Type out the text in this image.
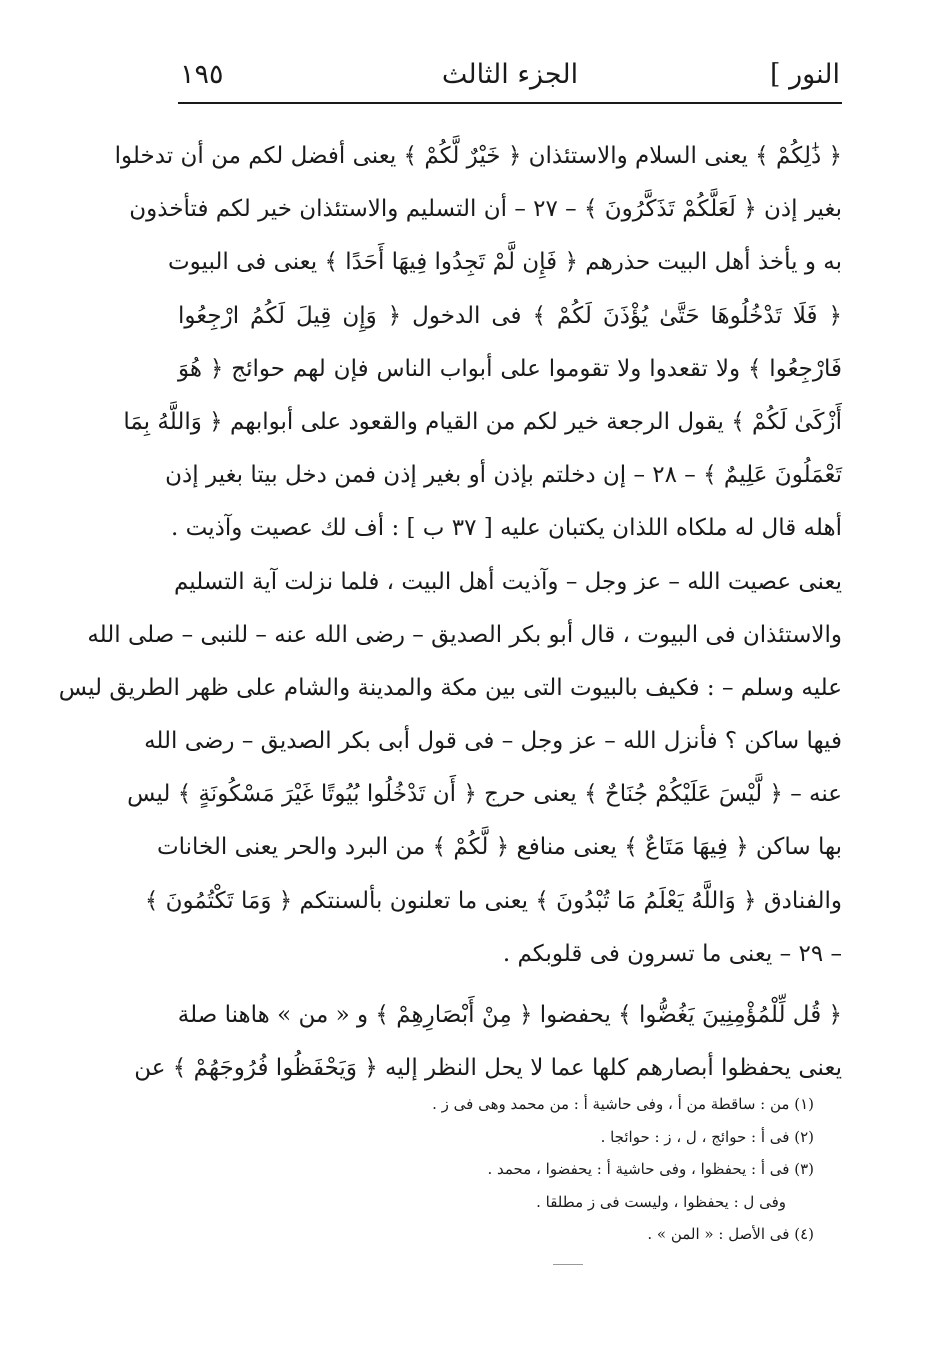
النور ]
الجزء الثالث
١٩٥
﴿ ذَٰلِكُمْ ﴾ يعنى السلام والاستئذان ﴿ خَيْرٌ لَّكُمْ ﴾ يعنى أفضل لكم من أن تدخلوا
بغير إذن ﴿ لَعَلَّكُمْ تَذَكَّرُونَ ﴾ – ٢٧ – أن التسليم والاستئذان خير لكم فتأخذون
به و يأخذ أهل البيت حذرهم ﴿ فَإِن لَّمْ تَجِدُوا فِيهَا أَحَدًا ﴾ يعنى فى البيوت
﴿ فَلَا تَدْخُلُوهَا حَتَّىٰ يُؤْذَنَ لَكُمْ ﴾ فى الدخول ﴿ وَإِن قِيلَ لَكُمُ ارْجِعُوا
فَارْجِعُوا ﴾ ولا تقعدوا ولا تقوموا على أبواب الناس فإن لهم حوائج ﴿ هُوَ
أَزْكَىٰ لَكُمْ ﴾ يقول الرجعة خير لكم من القيام والقعود على أبوابهم ﴿ وَاللَّهُ بِمَا
تَعْمَلُونَ عَلِيمٌ ﴾ – ٢٨ – إن دخلتم بإذن أو بغير إذن فمن دخل بيتا بغير إذن
أهله قال له ملكاه اللذان يكتبان عليه [ ٣٧ ب ] : أف لك عصيت وآذيت .
يعنى عصيت الله – عز وجل – وآذيت أهل البيت ، فلما نزلت آية التسليم
والاستئذان فى البيوت ، قال أبو بكر الصديق – رضى الله عنه – للنبى – صلى الله
عليه وسلم – : فكيف بالبيوت التى بين مكة والمدينة والشام على ظهر الطريق ليس
فيها ساكن ؟ فأنزل الله – عز وجل – فى قول أبى بكر الصديق – رضى الله
عنه – ﴿ لَّيْسَ عَلَيْكُمْ جُنَاحٌ ﴾ يعنى حرج ﴿ أَن تَدْخُلُوا بُيُوتًا غَيْرَ مَسْكُونَةٍ ﴾ ليس
بها ساكن ﴿ فِيهَا مَتَاعٌ ﴾ يعنى منافع ﴿ لَّكُمْ ﴾ من البرد والحر يعنى الخانات
والفنادق ﴿ وَاللَّهُ يَعْلَمُ مَا تُبْدُونَ ﴾ يعنى ما تعلنون بألسنتكم ﴿ وَمَا تَكْتُمُونَ ﴾
– ٢٩ – يعنى ما تسرون فى قلوبكم .
﴿ قُل لِّلْمُؤْمِنِينَ يَغُضُّوا ﴾ يحفضوا ﴿ مِنْ أَبْصَارِهِمْ ﴾ و « من » هاهنا صلة
يعنى يحفظوا أبصارهم كلها عما لا يحل النظر إليه ﴿ وَيَحْفَظُوا فُرُوجَهُمْ ﴾ عن
(١) من : ساقطة من أ ، وفى حاشية أ : من محمد وهى فى ز .
(٢) فى أ : حوائج ، ل ، ز : حوائجا .
(٣) فى أ : يحفظوا ، وفى حاشية أ : يحفضوا ، محمد .
وفى ل : يحفظوا ، وليست فى ز مطلقا .
(٤) فى الأصل : « المن » .
